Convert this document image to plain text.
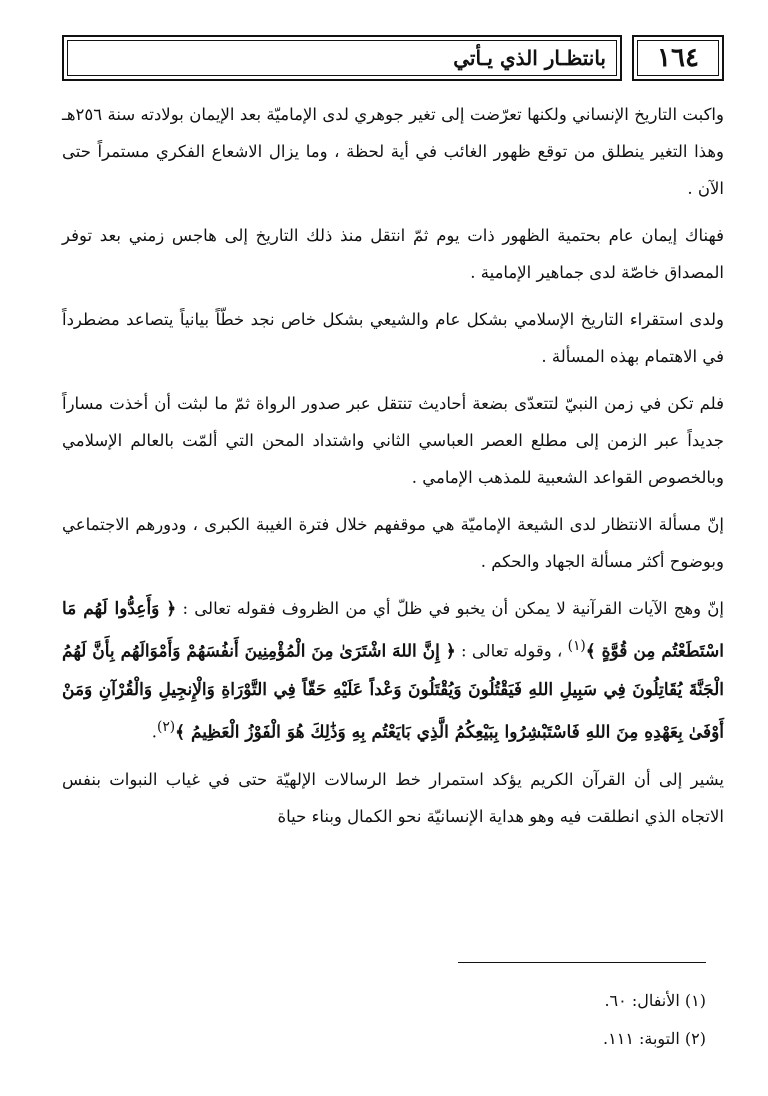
١٦٤
بانتظـار الذي يـأتي

واكبت التاريخ الإنساني ولكنها تعرّضت إلى تغير جوهري لدى الإماميّة بعد الإيمان بولادته سنة ٢٥٦هـ وهذا التغير ينطلق من توقع ظهور الغائب في أية لحظة ، وما يزال الاشعاع الفكري مستمراً حتى الآن .

فهناك إيمان عام بحتمية الظهور ذات يوم ثمّ انتقل منذ ذلك التاريخ إلى هاجس زمني بعد توفر المصداق خاصّة لدى جماهير الإمامية .

ولدى استقراء التاريخ الإسلامي بشكل عام والشيعي بشكل خاص نجد خطّاً بيانياً يتصاعد مضطرداً في الاهتمام بهذه المسألة .

فلم تكن في زمن النبيّ لتتعدّى بضعة أحاديث تنتقل عبر صدور الرواة ثمّ ما لبثت أن أخذت مساراً جديداً عبر الزمن إلى مطلع العصر العباسي الثاني واشتداد المحن التي ألمّت بالعالم الإسلامي وبالخصوص القواعد الشعبية للمذهب الإمامي .

إنّ مسألة الانتظار لدى الشيعة الإماميّة هي موقفهم خلال فترة الغيبة الكبرى ، ودورهم الاجتماعي وبوضوح أكثر مسألة الجهاد والحكم .

إنّ وهج الآيات القرآنية لا يمكن أن يخبو في ظلّ أي من الظروف فقوله تعالى : ﴿ وَأَعِدُّوا لَهُم مَا اسْتَطَعْتُم مِن قُوَّةٍ ﴾$^{(١)}$ ، وقوله تعالى : ﴿ إِنَّ اللهَ اشْتَرَىٰ مِنَ الْمُؤْمِنِينَ أَنفُسَهُمْ وَأَمْوَالَهُم بِأَنَّ لَهُمُ الْجَنَّةَ يُقَاتِلُونَ فِي سَبِيلِ اللهِ فَيَقْتُلُونَ وَيُقْتَلُونَ وَعْداً عَلَيْهِ حَقّاً فِي التَّوْرَاةِ وَالْإِنجِيلِ وَالْقُرْآنِ وَمَنْ أَوْفَىٰ بِعَهْدِهِ مِنَ اللهِ فَاسْتَبْشِرُوا بِبَيْعِكُمُ الَّذِي بَايَعْتُم بِهِ وَذَٰلِكَ هُوَ الْفَوْزُ الْعَظِيمُ ﴾$^{(٢)}$.

يشير إلى أن القرآن الكريم يؤكد استمرار خط الرسالات الإلهيّة حتى في غياب النبوات بنفس الاتجاه الذي انطلقت فيه وهو هداية الإنسانيّة نحو الكمال وبناء حياة

(١) الأنفال: ٦٠.
(٢) التوبة: ١١١.
